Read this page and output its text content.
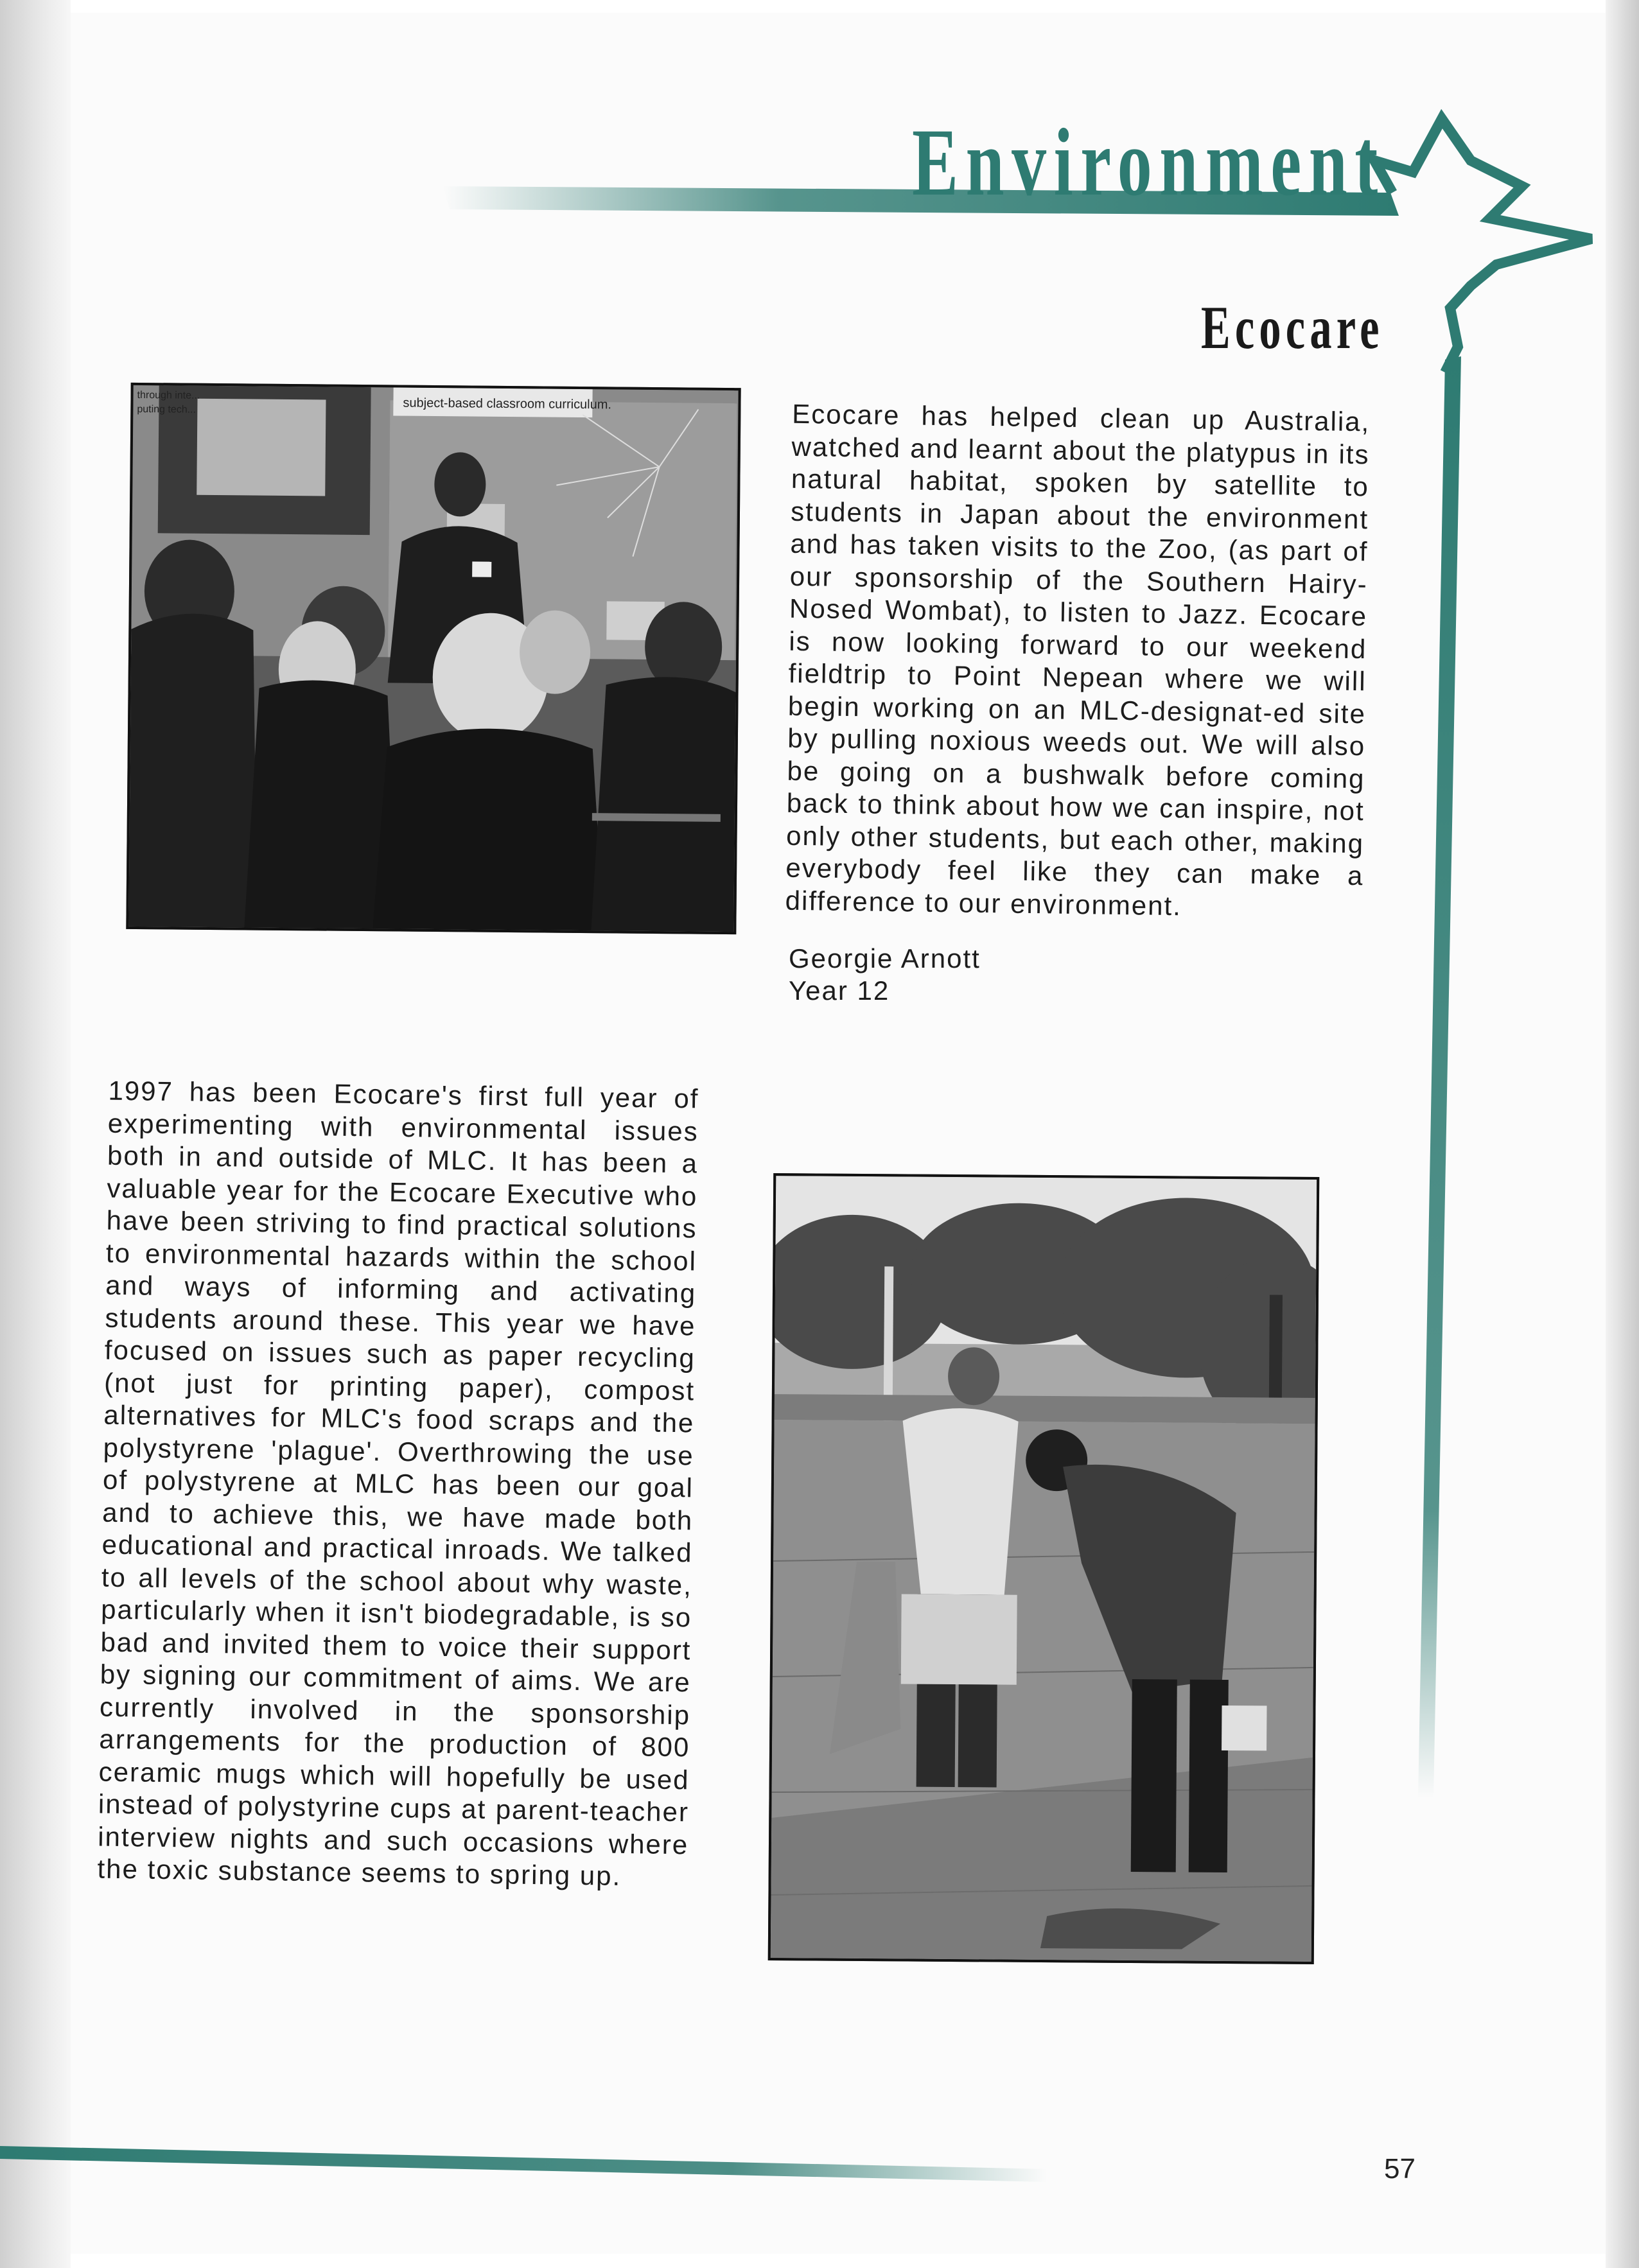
Environment
Ecocare
subject-based classroom curriculum.
through inte...
puting tech...	Ecocare has helped clean up Australia, watched and learnt about the platypus in its natural habitat, spoken by satellite to students in Japan about the environment and has taken visits to the Zoo, (as part of our sponsorship of the Southern Hairy-Nosed Wombat), to listen to Jazz. Ecocare is now looking forward to our weekend fieldtrip to Point Nepean where we will begin working on an MLC-designat-ed site by pulling noxious weeds out. We will also be going on a bushwalk before coming back to think about how we can inspire, not only other students, but each other, making everybody feel like they can make a difference to our environment.

Georgie Arnott
Year 12

1997 has been Ecocare's first full year of experimenting with environmental issues both in and outside of MLC. It has been a valuable year for the Ecocare Executive who have been striving to find practical solutions to environmental hazards within the school and ways of informing and activating students around these. This year we have focused on issues such as paper recycling (not just for printing paper), compost alternatives for MLC's food scraps and the polystyrene 'plague'. Overthrowing the use of polystyrene at MLC has been our goal and to achieve this, we have made both educational and practical inroads. We talked to all levels of the school about why waste, particularly when it isn't biodegradable, is so bad and invited them to voice their support by signing our commitment of aims. We are currently involved in the sponsorship arrangements for the production of 800 ceramic mugs which will hopefully be used instead of polystyrine cups at parent-teacher interview nights and such occasions where the toxic substance seems to spring up.

57
